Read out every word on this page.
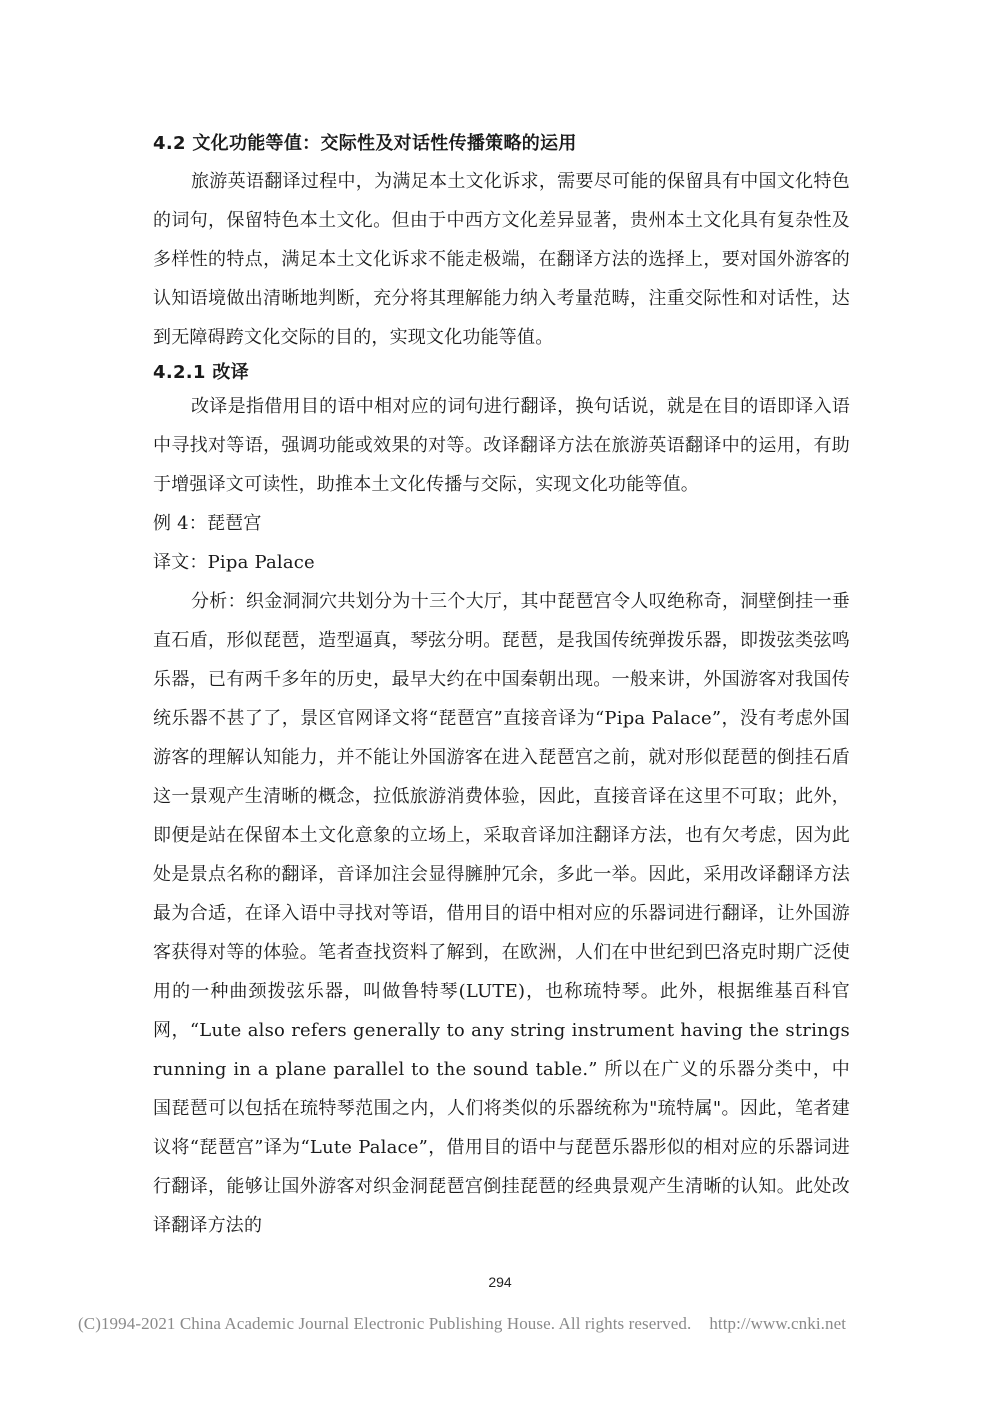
4.2 文化功能等值：交际性及对话性传播策略的运用

旅游英语翻译过程中，为满足本土文化诉求，需要尽可能的保留具有中国文化特色的词句，保留特色本土文化。但由于中西方文化差异显著，贵州本土文化具有复杂性及多样性的特点，满足本土文化诉求不能走极端，在翻译方法的选择上，要对国外游客的认知语境做出清晰地判断，充分将其理解能力纳入考量范畴，注重交际性和对话性，达到无障碍跨文化交际的目的，实现文化功能等值。

4.2.1 改译

改译是指借用目的语中相对应的词句进行翻译，换句话说，就是在目的语即译入语中寻找对等语，强调功能或效果的对等。改译翻译方法在旅游英语翻译中的运用，有助于增强译文可读性，助推本土文化传播与交际，实现文化功能等值。

例 4：琵琶宫

译文：Pipa Palace

分析：织金洞洞穴共划分为十三个大厅，其中琵琶宫令人叹绝称奇，洞壁倒挂一垂直石盾，形似琵琶，造型逼真，琴弦分明。琵琶，是我国传统弹拨乐器，即拨弦类弦鸣乐器，已有两千多年的历史，最早大约在中国秦朝出现。一般来讲，外国游客对我国传统乐器不甚了了，景区官网译文将“琵琶宫”直接音译为“Pipa Palace”，没有考虑外国游客的理解认知能力，并不能让外国游客在进入琵琶宫之前，就对形似琵琶的倒挂石盾这一景观产生清晰的概念，拉低旅游消费体验，因此，直接音译在这里不可取；此外，即便是站在保留本土文化意象的立场上，采取音译加注翻译方法，也有欠考虑，因为此处是景点名称的翻译，音译加注会显得臃肿冗余，多此一举。因此，采用改译翻译方法最为合适，在译入语中寻找对等语，借用目的语中相对应的乐器词进行翻译，让外国游客获得对等的体验。笔者查找资料了解到，在欧洲，人们在中世纪到巴洛克时期广泛使用的一种曲颈拨弦乐器，叫做鲁特琴(LUTE)，也称琉特琴。此外，根据维基百科官网，“Lute also refers generally to any string instrument having the strings running in a plane parallel to the sound table.” 所以在广义的乐器分类中，中国琵琶可以包括在琉特琴范围之内，人们将类似的乐器统称为"琉特属"。因此，笔者建议将“琵琶宫”译为“Lute Palace”，借用目的语中与琵琶乐器形似的相对应的乐器词进行翻译，能够让国外游客对织金洞琵琶宫倒挂琵琶的经典景观产生清晰的认知。此处改译翻译方法的

294
(C)1994-2021 China Academic Journal Electronic Publishing House. All rights reserved. http://www.cnki.net
